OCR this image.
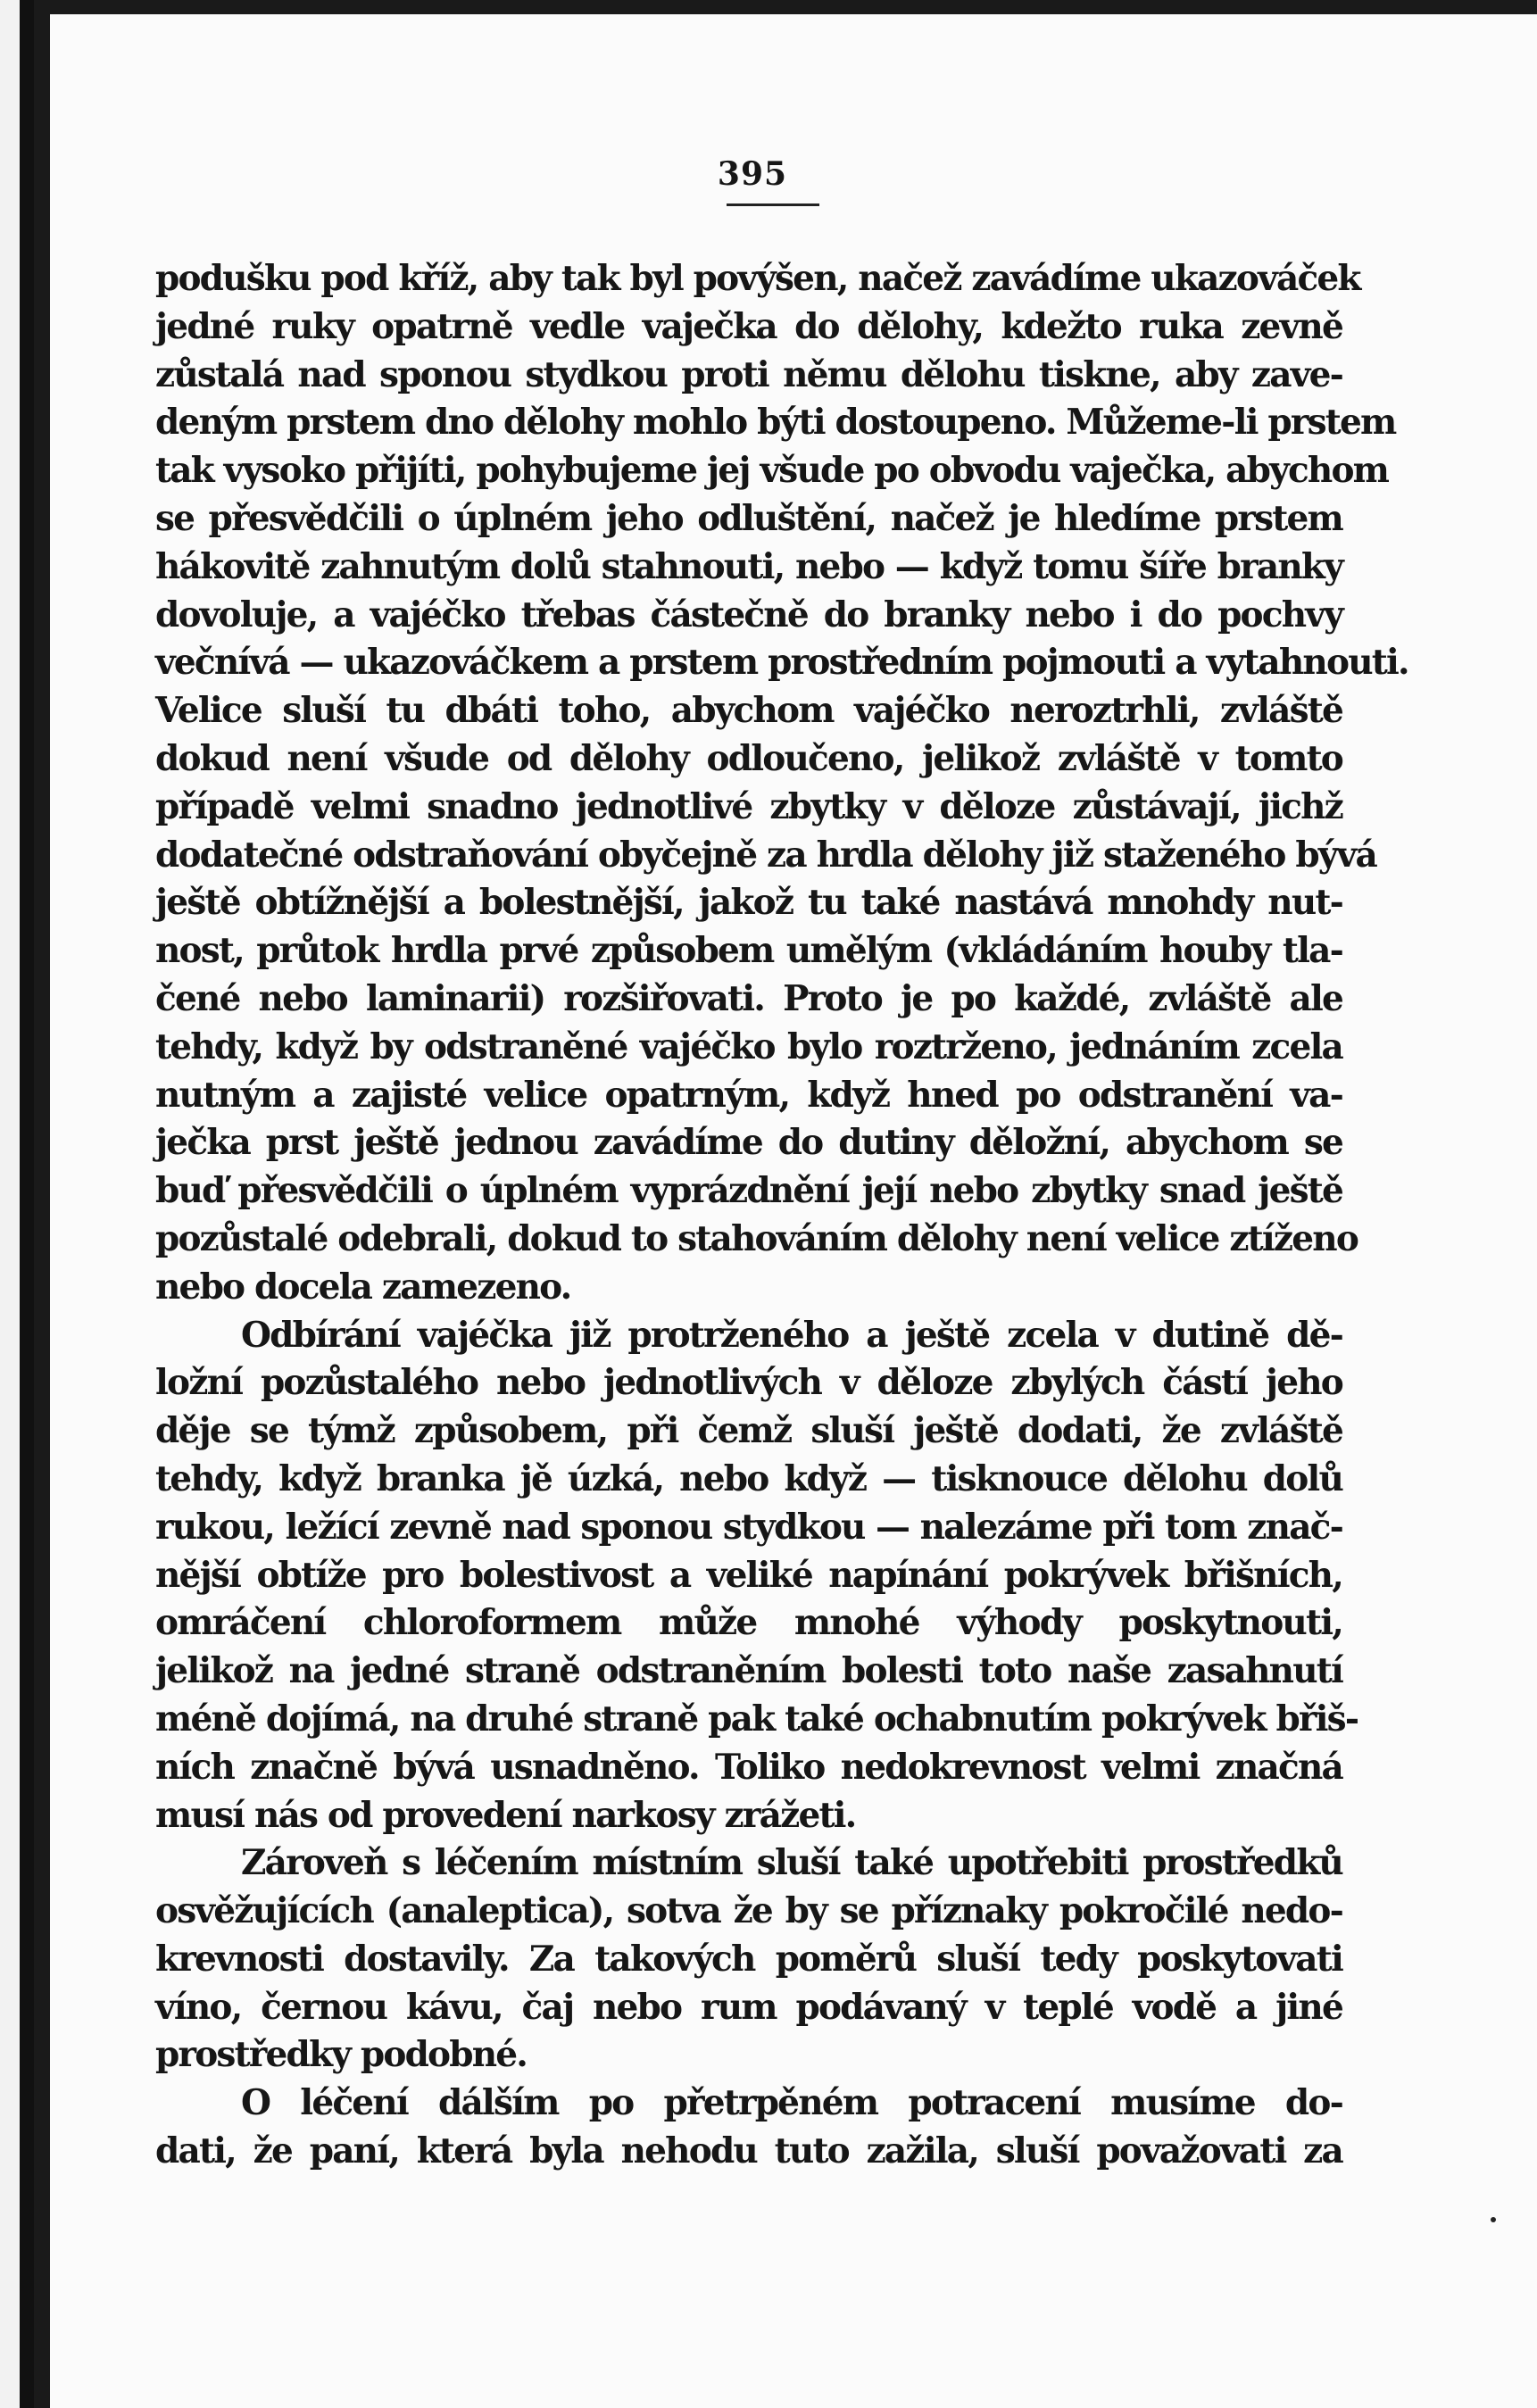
395
podušku pod kříž, aby tak byl povýšen, načež zavádíme ukazováček
jedné ruky opatrně vedle vaječka do dělohy, kdežto ruka zevně
zůstalá nad sponou stydkou proti němu dělohu tiskne, aby zave-
deným prstem dno dělohy mohlo býti dostoupeno. Můžeme-li prstem
tak vysoko přijíti, pohybujeme jej všude po obvodu vaječka, abychom
se přesvědčili o úplném jeho odluštění, načež je hledíme prstem
hákovitě zahnutým dolů stahnouti, nebo — když tomu šíře branky
dovoluje, a vajéčko třebas částečně do branky nebo i do pochvy
večnívá — ukazováčkem a prstem prostředním pojmouti a vytahnouti.
Velice sluší tu dbáti toho, abychom vajéčko neroztrhli, zvláště
dokud není všude od dělohy odloučeno, jelikož zvláště v tomto
případě velmi snadno jednotlivé zbytky v děloze zůstávají, jichž
dodatečné odstraňování obyčejně za hrdla dělohy již staženého bývá
ještě obtížnější a bolestnější, jakož tu také nastává mnohdy nut-
nost, průtok hrdla prvé způsobem umělým (vkládáním houby tla-
čené nebo laminarii) rozšiřovati. Proto je po každé, zvláště ale
tehdy, když by odstraněné vajéčko bylo roztrženo, jednáním zcela
nutným a zajisté velice opatrným, když hned po odstranění va-
ječka prst ještě jednou zavádíme do dutiny děložní, abychom se
buď přesvědčili o úplném vyprázdnění její nebo zbytky snad ještě
pozůstalé odebrali, dokud to stahováním dělohy není velice ztíženo
nebo docela zamezeno.
Odbírání vajéčka již protrženého a ještě zcela v dutině dě-
ložní pozůstalého nebo jednotlivých v děloze zbylých částí jeho
děje se týmž způsobem, při čemž sluší ještě dodati, že zvláště
tehdy, když branka jě úzká, nebo když — tisknouce dělohu dolů
rukou, ležící zevně nad sponou stydkou — nalezáme při tom znač-
nější obtíže pro bolestivost a veliké napínání pokrývek břišních,
omráčení chloroformem může mnohé výhody poskytnouti,
jelikož na jedné straně odstraněním bolesti toto naše zasahnutí
méně dojímá, na druhé straně pak také ochabnutím pokrývek břiš-
ních značně bývá usnadněno. Toliko nedokrevnost velmi značná
musí nás od provedení narkosy zrážeti.
Zároveň s léčením místním sluší také upotřebiti prostředků
osvěžujících (analeptica), sotva že by se příznaky pokročilé nedo-
krevnosti dostavily. Za takových poměrů sluší tedy poskytovati
víno, černou kávu, čaj nebo rum podávaný v teplé vodě a jiné
prostředky podobné.
O léčení dálším po přetrpěném potracení musíme do-
dati, že paní, která byla nehodu tuto zažila, sluší považovati za
